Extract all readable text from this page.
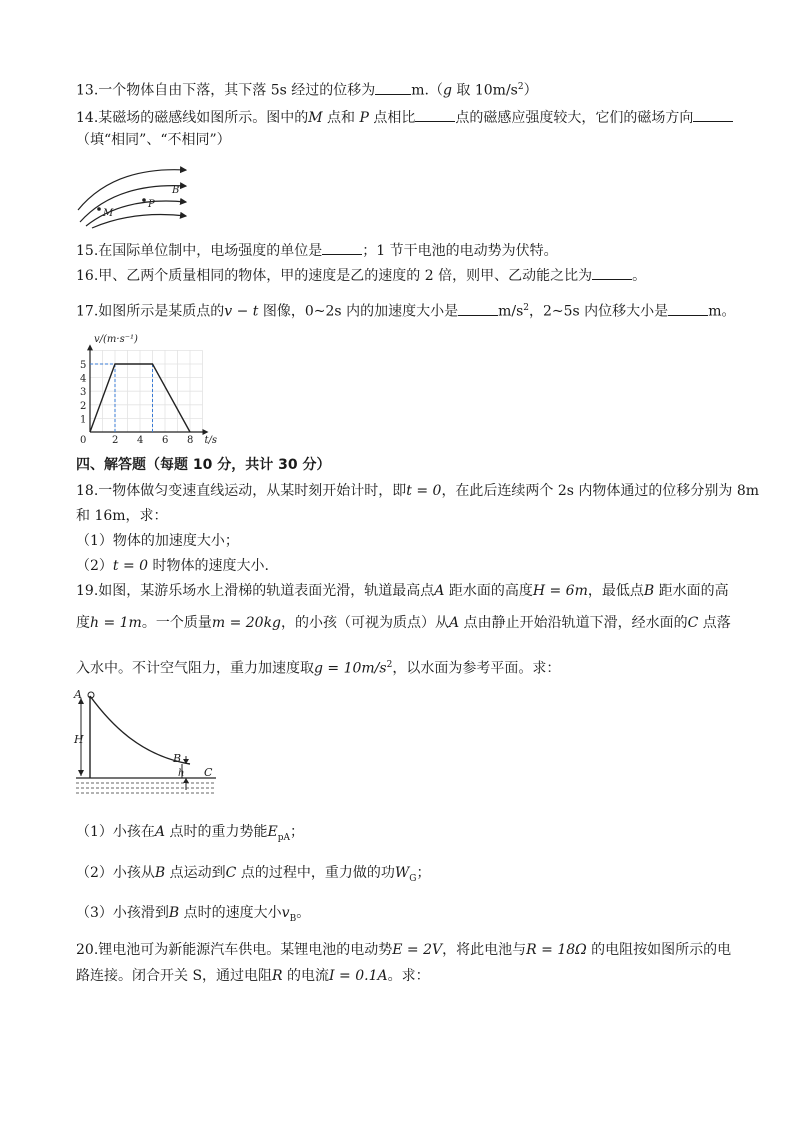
13.一个物体自由下落，其下落 5s 经过的位移为	m.（g 取 $10m/s^2$）
14.某磁场的磁感线如图所示。图中的M 点和 P 点相比	点的磁感应强度较大，它们的磁场方向
（填“相同”、“不相同”）
B
P
M
15.在国际单位制中，电场强度的单位是	；1 节干电池的电动势为伏特。
16.甲、乙两个质量相同的物体，甲的速度是乙的速度的 2 倍，则甲、乙动能之比为	。
17.如图所示是某质点的v − t 图像，0~2s 内的加速度大小是	$m/s^2$，2~5s 内位移大小是	m。
2 4 6 8
1
2
3
4
5
0
v/(m·s⁻¹)
t/s
四、解答题（每题 10 分，共计 30 分）
18.一物体做匀变速直线运动，从某时刻开始计时，即t = 0，在此后连续两个 2s 内物体通过的位移分别为 8m
和 16m，求：
（1）物体的加速度大小；
（2）t = 0 时物体的速度大小.
19.如图，某游乐场水上滑梯的轨道表面光滑，轨道最高点A 距水面的高度H = 6m，最低点B 距水面的高
度h = 1m。一个质量m = 20kg，的小孩（可视为质点）从A 点由静止开始沿轨道下滑，经水面的C 点落
入水中。不计空气阻力，重力加速度取$g = 10m/s^2$，以水面为参考平面。求：
A
H
B
h C
（1）小孩在A 点时的重力势能$E_{pA}$；
（2）小孩从B 点运动到C 点的过程中，重力做的功$W_G$；
（3）小孩滑到B 点时的速度大小$v_B$。
20.锂电池可为新能源汽车供电。某锂电池的电动势E = 2V，将此电池与R = 18Ω 的电阻按如图所示的电
路连接。闭合开关 S，通过电阻R 的电流I = 0.1A。求：
